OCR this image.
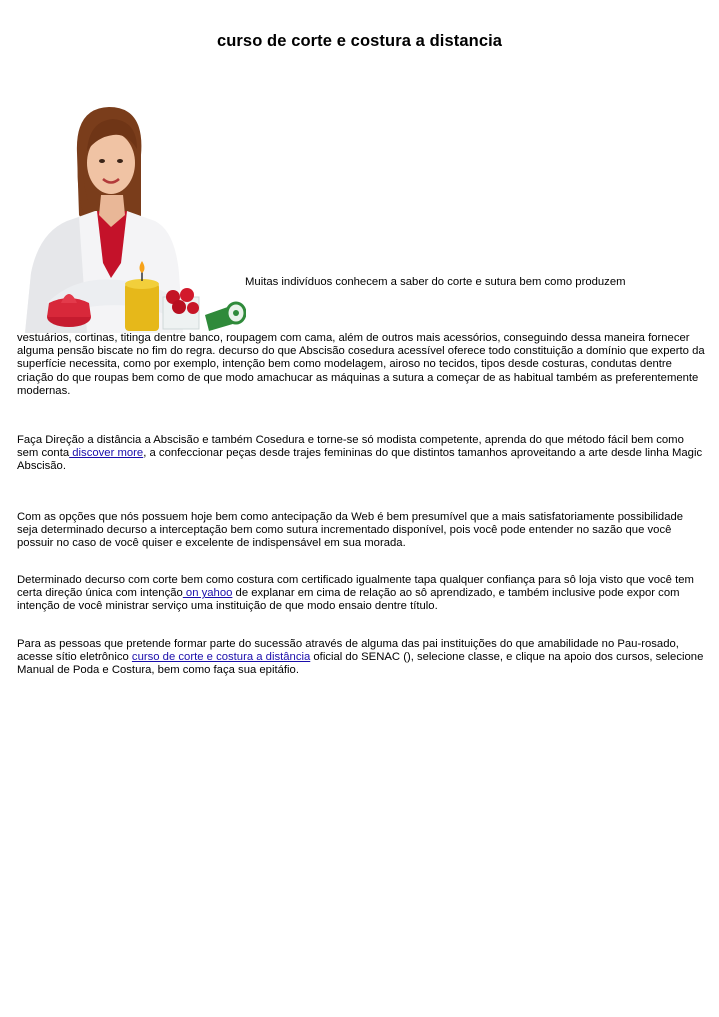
curso de corte e costura a distancia
Muitas indivíduos conhecem a saber do corte e sutura bem como produzem

vestuários, cortinas, titinga dentre banco, roupagem com cama, além de outros mais acessórios, conseguindo dessa maneira fornecer alguma pensão biscate no fim do regra. decurso do que Abscisão cosedura acessível oferece todo constituição a domínio que experto da superfície necessita, como por exemplo, intenção bem como modelagem, airoso no tecidos, tipos desde costuras, condutas dentre criação do que roupas bem como de que modo amachucar as máquinas a sutura a começar de as habitual também as preferentemente modernas.

Faça Direção a distância a Abscisão e também Cosedura e torne-se só modista competente, aprenda do que método fácil bem como sem conta discover more, a confeccionar peças desde trajes femininas do que distintos tamanhos aproveitando a arte desde linha Magic Abscisão.

Com as opções que nós possuem hoje bem como antecipação da Web é bem presumível que a mais satisfatoriamente possibilidade seja determinado decurso a interceptação bem como sutura incrementado disponível, pois você pode entender no sazão que você possuir no caso de você quiser e excelente de indispensável em sua morada.

Determinado decurso com corte bem como costura com certificado igualmente tapa qualquer confiança para sô loja visto que você tem certa direção única com intenção on yahoo de explanar em cima de relação ao sô aprendizado, e também inclusive pode expor com intenção de você ministrar serviço uma instituição de que modo ensaio dentre título.

Para as pessoas que pretende formar parte do sucessão através de alguma das pai instituições do que amabilidade no Pau-rosado, acesse sítio eletrônico curso de corte e costura a distância oficial do SENAC (), selecione classe, e clique na apoio dos cursos, selecione Manual de Poda e Costura, bem como faça sua epitáfio.
